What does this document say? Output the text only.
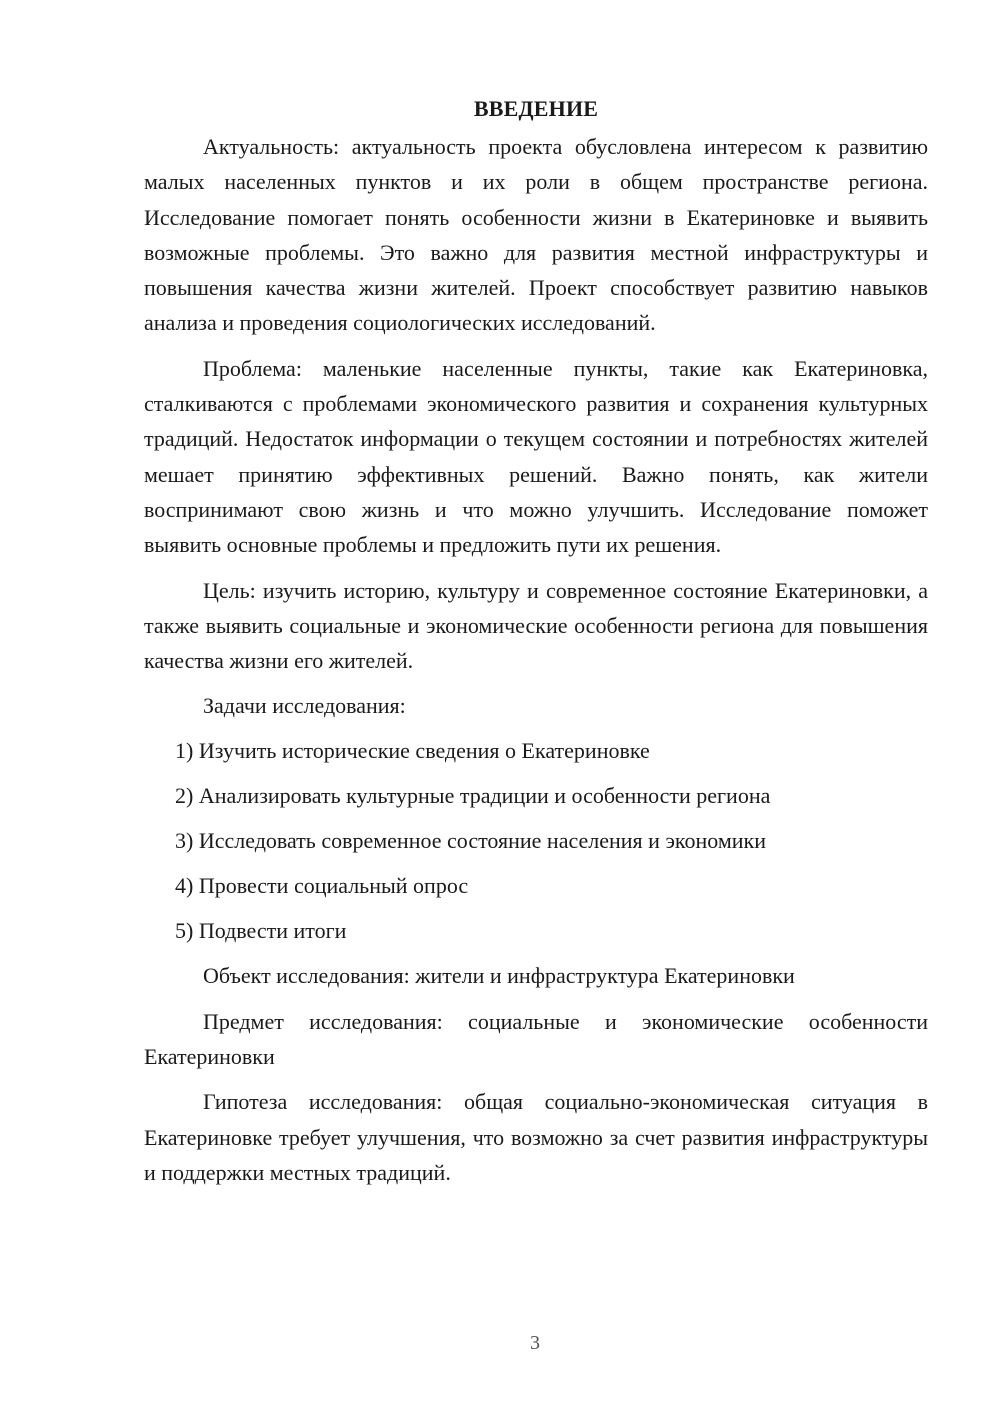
ВВЕДЕНИЕ

Актуальность: актуальность проекта обусловлена интересом к развитию малых населенных пунктов и их роли в общем пространстве региона. Исследование помогает понять особенности жизни в Екатериновке и выявить возможные проблемы. Это важно для развития местной инфраструктуры и повышения качества жизни жителей. Проект способствует развитию навыков анализа и проведения социологических исследований.

Проблема: маленькие населенные пункты, такие как Екатериновка, сталкиваются с проблемами экономического развития и сохранения культурных традиций. Недостаток информации о текущем состоянии и потребностях жителей мешает принятию эффективных решений. Важно понять, как жители воспринимают свою жизнь и что можно улучшить. Исследование поможет выявить основные проблемы и предложить пути их решения.

Цель: изучить историю, культуру и современное состояние Екатериновки, а также выявить социальные и экономические особенности региона для повышения качества жизни его жителей.

Задачи исследования:

1) Изучить исторические сведения о Екатериновке
2) Анализировать культурные традиции и особенности региона
3) Исследовать современное состояние населения и экономики
4) Провести социальный опрос
5) Подвести итоги

Объект исследования: жители и инфраструктура Екатериновки

Предмет исследования: социальные и экономические особенности Екатериновки

Гипотеза исследования: общая социально-экономическая ситуация в Екатериновке требует улучшения, что возможно за счет развития инфраструктуры и поддержки местных традиций.

3
